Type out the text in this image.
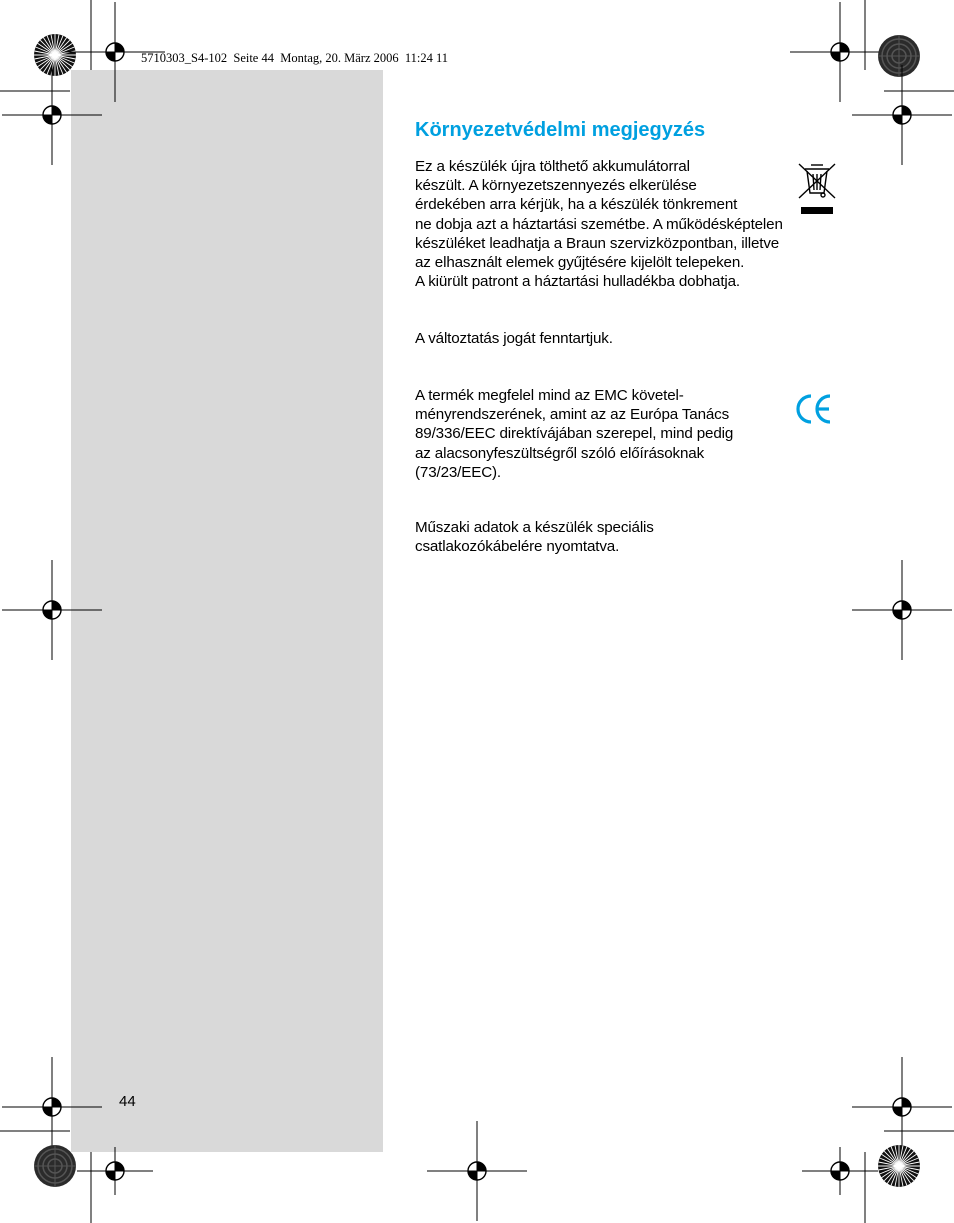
5710303_S4-102  Seite 44  Montag, 20. März 2006  11:24 11
Környezetvédelmi megjegyzés
Ez a készülék újra tölthető akkumulátorral
készült. A környezetszennyezés elkerülése
érdekében arra kérjük, ha a készülék tönkrement
ne dobja azt a háztartási szemétbe. A működésképtelen
készüléket leadhatja a Braun szervizközpontban, illetve
az elhasznált elemek gyűjtésére kijelölt telepeken.
A kiürült patront a háztartási hulladékba dobhatja.
A változtatás jogát fenntartjuk.
A termék megfelel mind az EMC követel-
ményrendszerének, amint az az Európa Tanács
89/336/EEC direktívájában szerepel, mind pedig
az alacsonyfeszültségről szóló előírásoknak
(73/23/EEC).
Műszaki adatok a készülék speciális
csatlakozókábelére nyomtatva.
44
